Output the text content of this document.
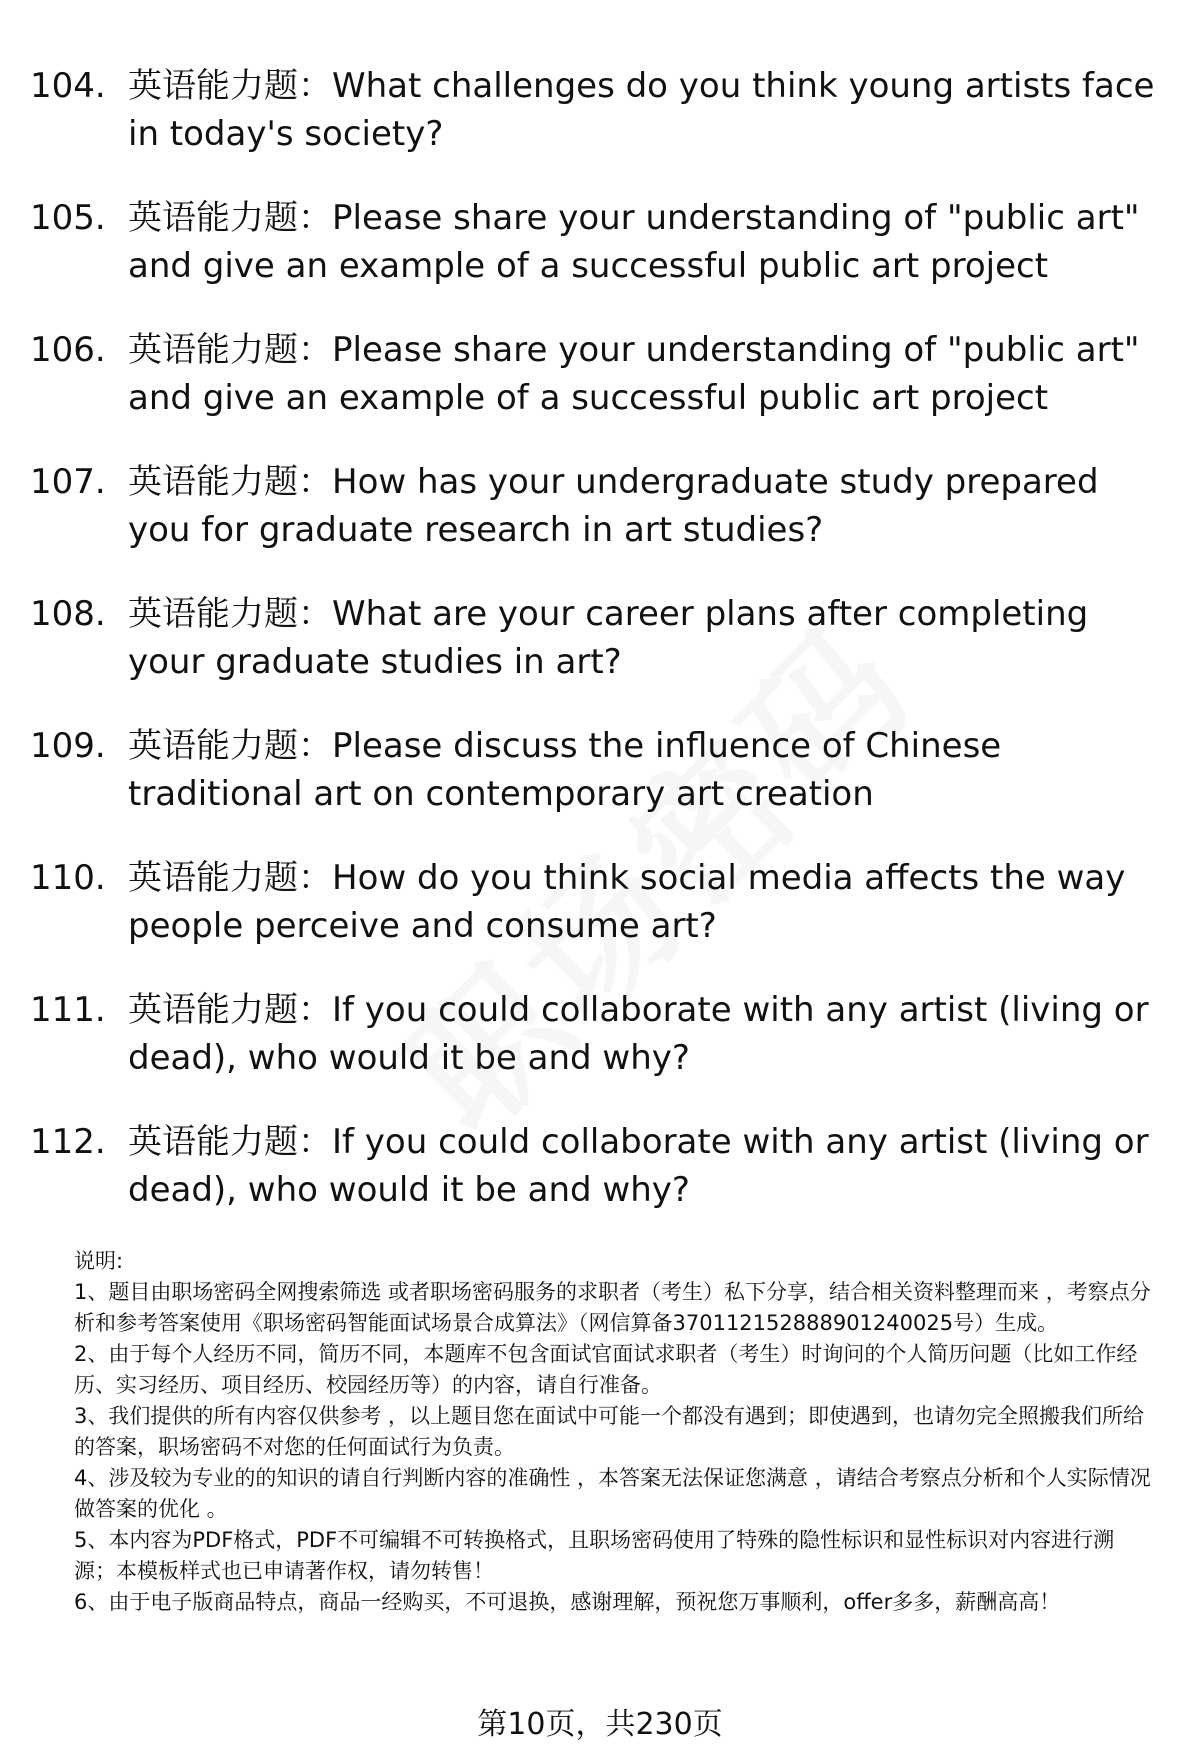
104. 英语能力题：What challenges do you think young artists face in today's society?
105. 英语能力题：Please share your understanding of "public art" and give an example of a successful public art project
106. 英语能力题：Please share your understanding of "public art" and give an example of a successful public art project
107. 英语能力题：How has your undergraduate study prepared you for graduate research in art studies?
108. 英语能力题：What are your career plans after completing your graduate studies in art?
109. 英语能力题：Please discuss the influence of Chinese traditional art on contemporary art creation
110. 英语能力题：How do you think social media affects the way people perceive and consume art?
111. 英语能力题：If you could collaborate with any artist (living or dead), who would it be and why?
112. 英语能力题：If you could collaborate with any artist (living or dead), who would it be and why?
说明:
1、题目由职场密码全网搜索筛选 或者职场密码服务的求职者（考生）私下分享，结合相关资料整理而来 ，考察点分析和参考答案使用《职场密码智能面试场景合成算法》（网信算备370112152888901240025号）生成。
2、由于每个人经历不同，简历不同，本题库不包含面试官面试求职者（考生）时询问的个人简历问题（比如工作经历、实习经历、项目经历、校园经历等）的内容，请自行准备。
3、我们提供的所有内容仅供参考 ，以上题目您在面试中可能一个都没有遇到；即使遇到，也请勿完全照搬我们所给的答案，职场密码不对您的任何面试行为负责。
4、涉及较为专业的的知识的请自行判断内容的准确性 ，本答案无法保证您满意 ，请结合考察点分析和个人实际情况做答案的优化 。
5、本内容为PDF格式，PDF不可编辑不可转换格式，且职场密码使用了特殊的隐性标识和显性标识对内容进行溯源；本模板样式也已申请著作权，请勿转售！
6、由于电子版商品特点，商品一经购买，不可退换，感谢理解，预祝您万事顺利，offer多多，薪酬高高！
第10页，共230页
